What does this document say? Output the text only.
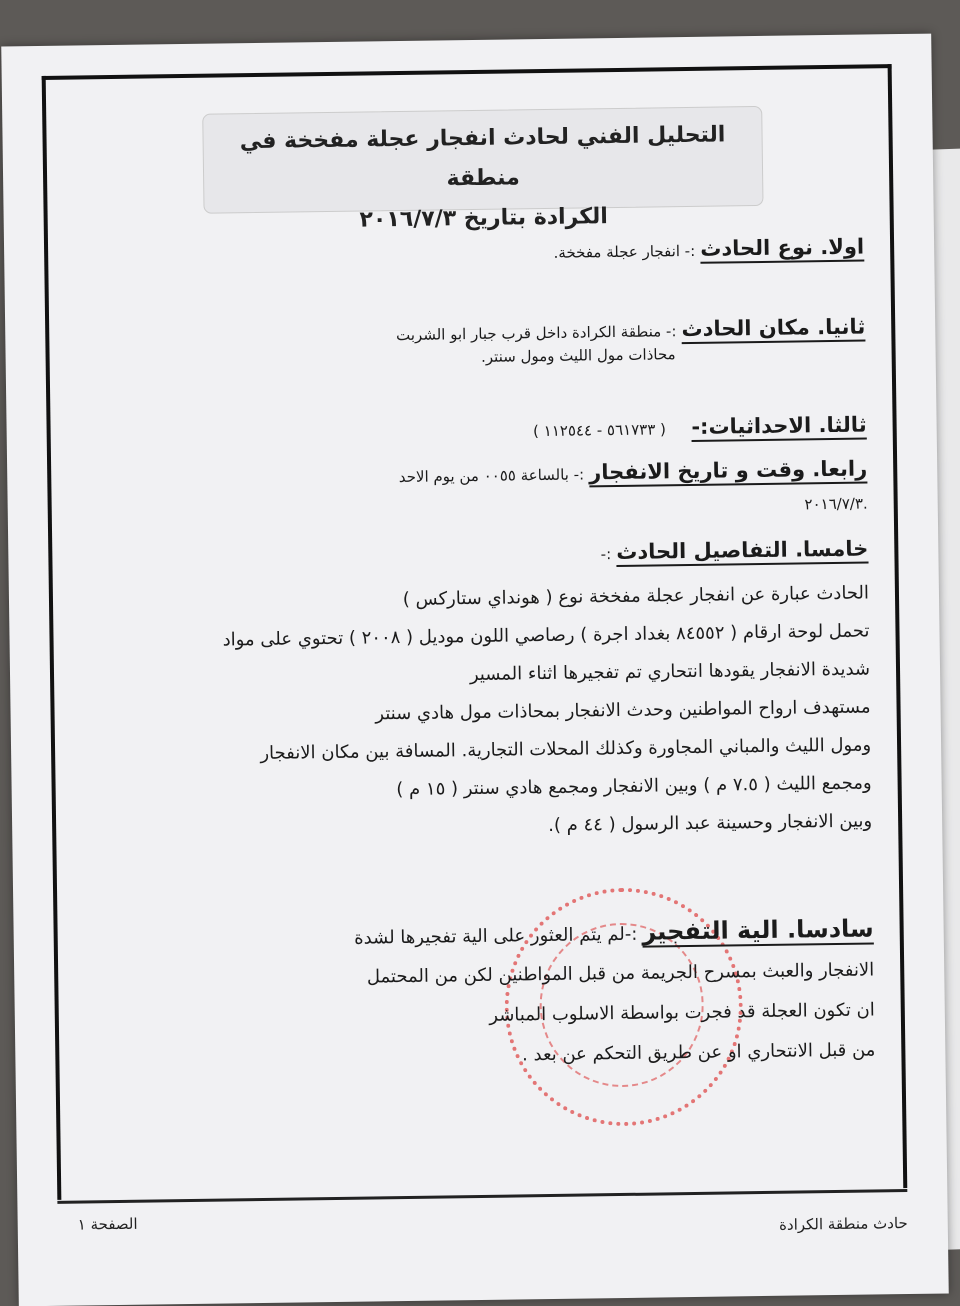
التحليل الفني لحادث انفجار عجلة مفخخة في منطقة
الكرادة بتاريخ ٢٠١٦/٧/٣
اولا. نوع الحادث :- انفجار عجلة مفخخة.
ثانيا. مكان الحادث :- منطقة الكرادة داخل قرب جبار ابو الشربت
محاذات مول الليث ومول سنتر.
ثالثا. الاحداثيات:-     ( ٥٦١٧٣٣ - ١١٢٥٤٤ )
رابعا. وقت و تاريخ الانفجار :- بالساعة ٠٠٥٥ من يوم الاحد
.٢٠١٦/٧/٣
خامسا. التفاصيل الحادث :-
الحادث عبارة عن انفجار عجلة مفخخة نوع ( هونداي ستاركس )
تحمل لوحة ارقام ( ٨٤٥٥٢ بغداد اجرة ) رصاصي اللون موديل ( ٢٠٠٨ ) تحتوي على مواد
شديدة الانفجار يقودها انتحاري تم تفجيرها اثناء المسير
مستهدف ارواح المواطنين وحدث الانفجار بمحاذات مول هادي سنتر
ومول الليث والمباني المجاورة وكذلك المحلات التجارية. المسافة بين مكان الانفجار
ومجمع الليث ( ٧.٥ م ) وبين الانفجار ومجمع هادي سنتر ( ١٥ م )
وبين الانفجار وحسينة عبد الرسول ( ٤٤ م ).
سادسا. الية التفجير :-لم يتم العثور على الية تفجيرها لشدة
الانفجار والعبث بمسرح الجريمة من قبل المواطنين لكن من المحتمل
ان تكون العجلة قد فجرت بواسطة الاسلوب المباشر
من قبل الانتحاري او عن طريق التحكم عن بعد .
الصفحة ١	حادث منطقة الكرادة
